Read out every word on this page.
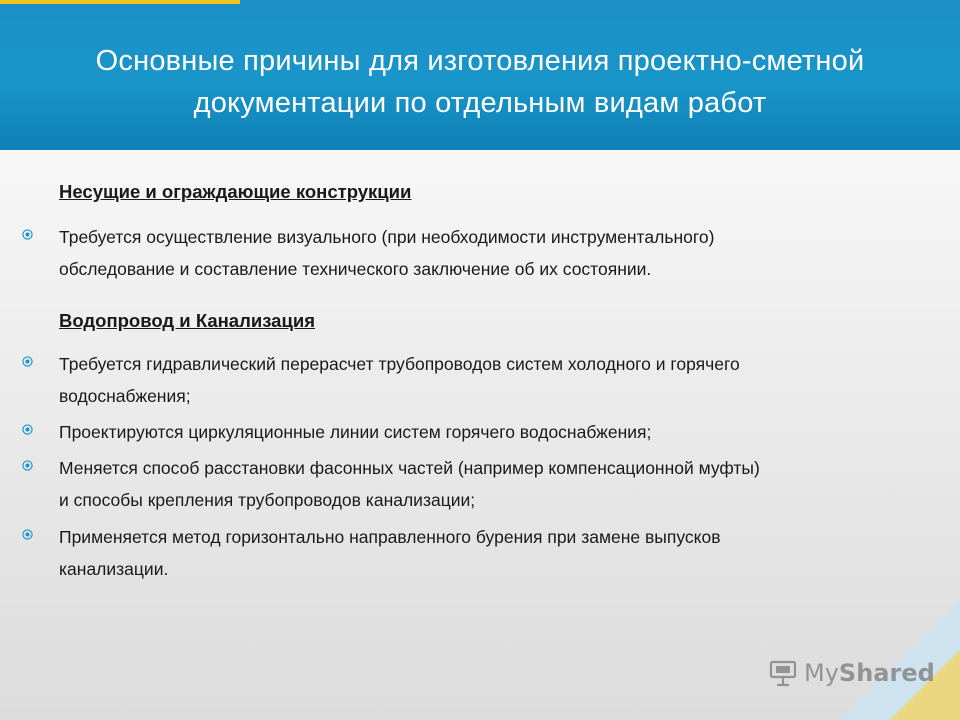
Основные причины для изготовления проектно-сметной
документации по отдельным видам работ
Несущие и ограждающие конструкции
Требуется осуществление визуального (при необходимости инструментального)
обследование и составление технического заключение об их состоянии.
Водопровод и Канализация
Требуется гидравлический перерасчет трубопроводов систем холодного и горячего
водоснабжения;
Проектируются циркуляционные линии систем горячего водоснабжения;
Меняется способ расстановки фасонных частей (например компенсационной муфты)
и способы крепления трубопроводов канализации;
Применяется метод горизонтально направленного бурения при замене выпусков
канализации.
MyShared
